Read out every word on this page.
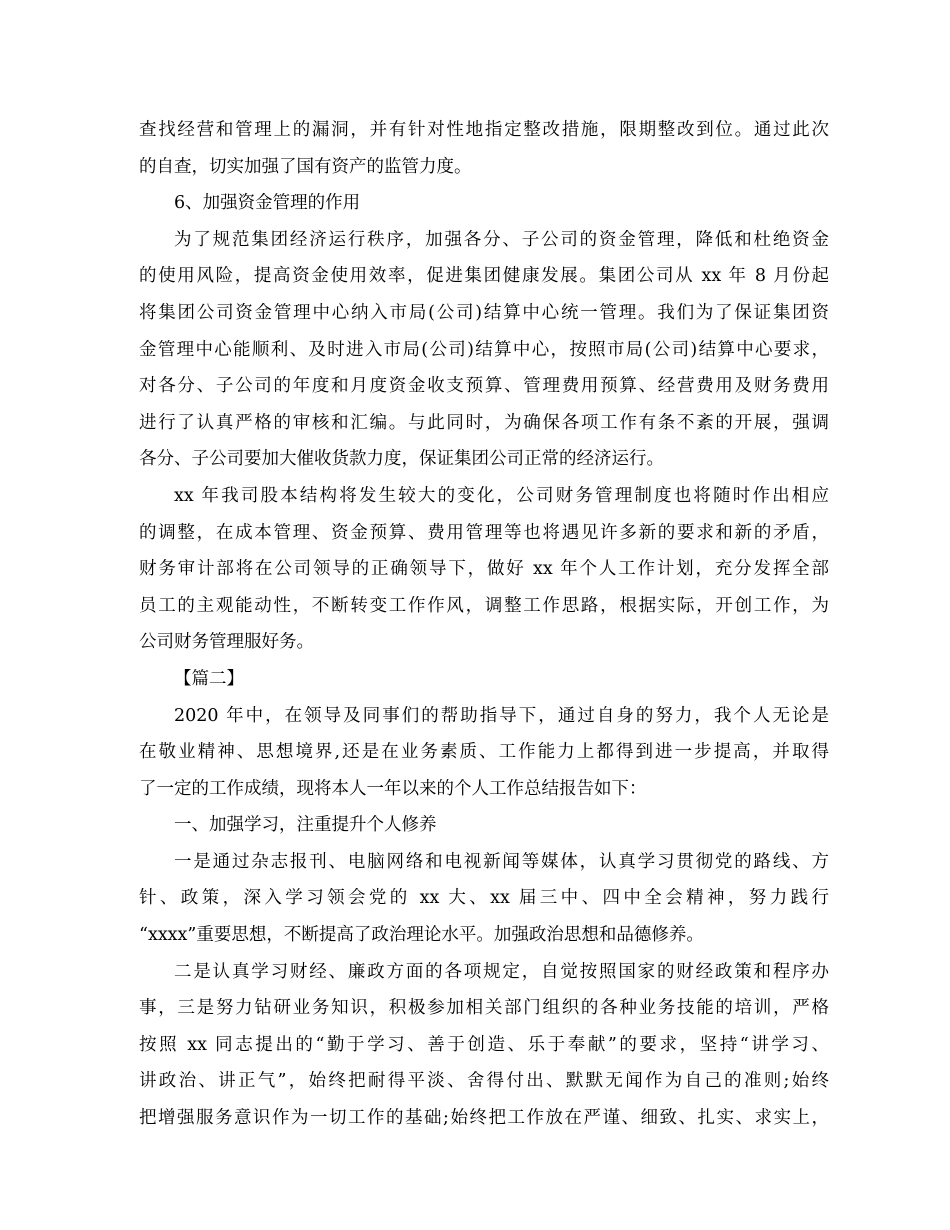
查找经营和管理上的漏洞，并有针对性地指定整改措施，限期整改到位。通过此次
的自查，切实加强了国有资产的监管力度。
6、加强资金管理的作用
为了规范集团经济运行秩序，加强各分、子公司的资金管理，降低和杜绝资金
的使用风险，提高资金使用效率，促进集团健康发展。集团公司从 xx 年 8 月份起
将集团公司资金管理中心纳入市局(公司)结算中心统一管理。我们为了保证集团资
金管理中心能顺利、及时进入市局(公司)结算中心，按照市局(公司)结算中心要求，
对各分、子公司的年度和月度资金收支预算、管理费用预算、经营费用及财务费用
进行了认真严格的审核和汇编。与此同时，为确保各项工作有条不紊的开展，强调
各分、子公司要加大催收货款力度，保证集团公司正常的经济运行。
xx 年我司股本结构将发生较大的变化，公司财务管理制度也将随时作出相应
的调整，在成本管理、资金预算、费用管理等也将遇见许多新的要求和新的矛盾，
财务审计部将在公司领导的正确领导下，做好 xx 年个人工作计划，充分发挥全部
员工的主观能动性，不断转变工作作风，调整工作思路，根据实际，开创工作，为
公司财务管理服好务。
【篇二】
2020 年中，在领导及同事们的帮助指导下，通过自身的努力，我个人无论是
在敬业精神、思想境界,还是在业务素质、工作能力上都得到进一步提高，并取得
了一定的工作成绩，现将本人一年以来的个人工作总结报告如下：
一、加强学习，注重提升个人修养
一是通过杂志报刊、电脑网络和电视新闻等媒体，认真学习贯彻党的路线、方
针、政策，深入学习领会党的 xx 大、xx 届三中、四中全会精神，努力践行
“xxxx”重要思想，不断提高了政治理论水平。加强政治思想和品德修养。
二是认真学习财经、廉政方面的各项规定，自觉按照国家的财经政策和程序办
事，三是努力钻研业务知识，积极参加相关部门组织的各种业务技能的培训，严格
按照 xx 同志提出的“勤于学习、善于创造、乐于奉献”的要求，坚持“讲学习、
讲政治、讲正气”，始终把耐得平淡、舍得付出、默默无闻作为自己的准则;始终
把增强服务意识作为一切工作的基础;始终把工作放在严谨、细致、扎实、求实上，
